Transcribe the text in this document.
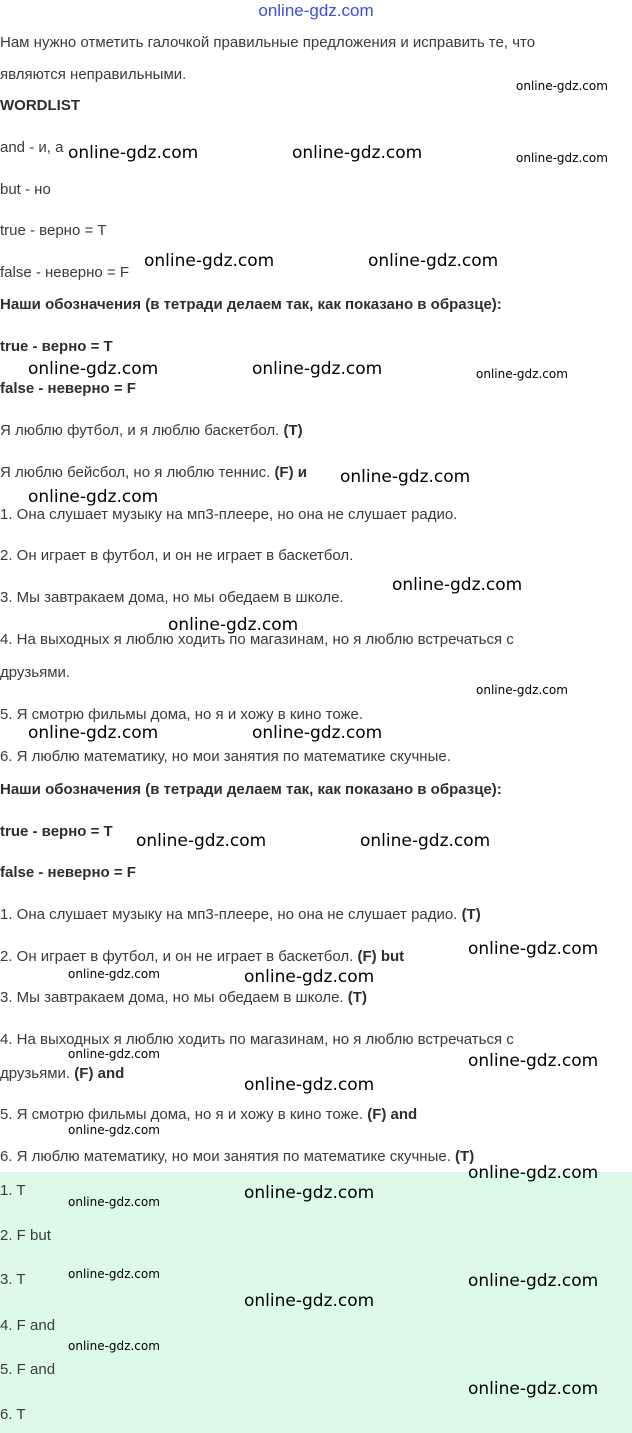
online-gdz.com
Нам нужно отметить галочкой правильные предложения и исправить те, что
являются неправильными.
WORDLIST
and - и, а
but - но
true - верно = T
false - неверно = F
Наши обозначения (в тетради делаем так, как показано в образце):
true - верно = T
false - неверно = F
Я люблю футбол, и я люблю баскетбол. (T)
Я люблю бейсбол, но я люблю теннис. (F) и
1. Она слушает музыку на мп3-плеере, но она не слушает радио.
2. Он играет в футбол, и он не играет в баскетбол.
3. Мы завтракаем дома, но мы обедаем в школе.
4. На выходных я люблю ходить по магазинам, но я люблю встречаться с
друзьями.
5. Я смотрю фильмы дома, но я и хожу в кино тоже.
6. Я люблю математику, но мои занятия по математике скучные.
Наши обозначения (в тетради делаем так, как показано в образце):
true - верно = T
false - неверно = F
1. Она слушает музыку на мп3-плеере, но она не слушает радио. (T)
2. Он играет в футбол, и он не играет в баскетбол. (F) but
3. Мы завтракаем дома, но мы обедаем в школе. (T)
4. На выходных я люблю ходить по магазинам, но я люблю встречаться с
друзьями. (F) and
5. Я смотрю фильмы дома, но я и хожу в кино тоже. (F) and
6. Я люблю математику, но мои занятия по математике скучные. (T)
1. T
2. F but
3. T
4. F and
5. F and
6. T
online-gdz.com
online-gdz.com	online-gdz.com	online-gdz.com
online-gdz.com	online-gdz.com
online-gdz.com	online-gdz.com	online-gdz.com
online-gdz.com
online-gdz.com
online-gdz.com
online-gdz.com
online-gdz.com
online-gdz.com	online-gdz.com
online-gdz.com	online-gdz.com
online-gdz.com
online-gdz.com	online-gdz.com
online-gdz.com	online-gdz.com
online-gdz.com
online-gdz.com
online-gdz.com
online-gdz.com
online-gdz.com
online-gdz.com	online-gdz.com
online-gdz.com
online-gdz.com
online-gdz.com
